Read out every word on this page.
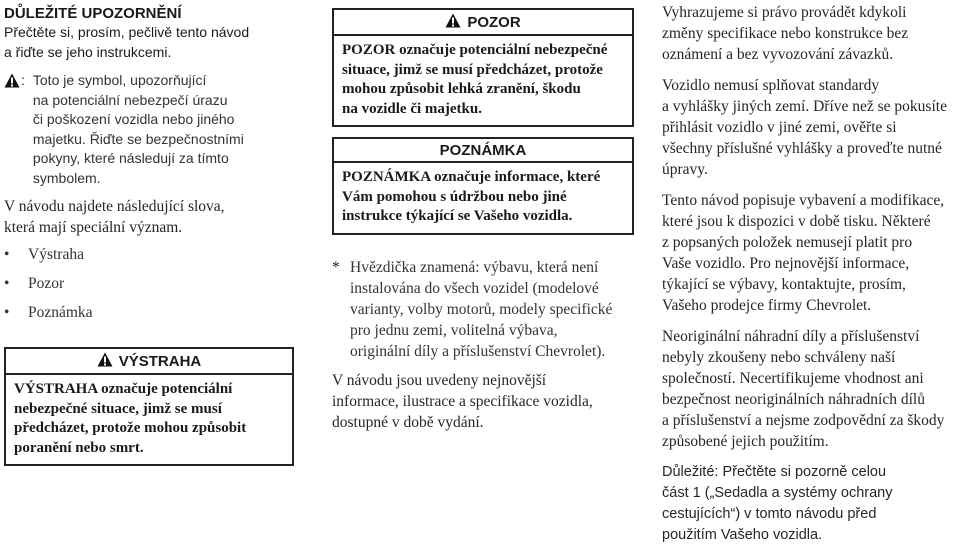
DŮLEŽITÉ UPOZORNĚNÍ
Přečtěte si, prosím, pečlivě tento návod
a řiďte se jeho instrukcemi.
: Toto je symbol, upozorňující
na potenciální nebezpečí úrazu
či poškození vozidla nebo jiného
majetku. Řiďte se bezpečnostními
pokyny, které následují za tímto
symbolem.
V návodu najdete následující slova,
která mají speciální význam.
•	Výstraha
•	Pozor
•	Poznámka
VÝSTRAHA
VÝSTRAHA označuje potenciální
nebezpečné situace, jimž se musí
předcházet, protože mohou způsobit
poranění nebo smrt.
POZOR
POZOR označuje potenciální nebezpečné
situace, jimž se musí předcházet, protože
mohou způsobit lehká zranění, škodu
na vozidle či majetku.
POZNÁMKA
POZNÁMKA označuje informace, které
Vám pomohou s údržbou nebo jiné
instrukce týkající se Vašeho vozidla.
* Hvězdička znamená: výbavu, která není
instalována do všech vozidel (modelové
varianty, volby motorů, modely specifické
pro jednu zemi, volitelná výbava,
originální díly a příslušenství Chevrolet).
V návodu jsou uvedeny nejnovější
informace, ilustrace a specifikace vozidla,
dostupné v době vydání.
Vyhrazujeme si právo provádět kdykoli
změny specifikace nebo konstrukce bez
oznámení a bez vyvozování závazků.
Vozidlo nemusí splňovat standardy
a vyhlášky jiných zemí. Dříve než se pokusíte
přihlásit vozidlo v jiné zemi, ověřte si
všechny příslušné vyhlášky a proveďte nutné
úpravy.
Tento návod popisuje vybavení a modifikace,
které jsou k dispozici v době tisku. Některé
z popsaných položek nemusejí platit pro
Vaše vozidlo. Pro nejnovější informace,
týkající se výbavy, kontaktujte, prosím,
Vašeho prodejce firmy Chevrolet.
Neoriginální náhradní díly a příslušenství
nebyly zkoušeny nebo schváleny naší
společností. Necertifikujeme vhodnost ani
bezpečnost neoriginálních náhradních dílů
a příslušenství a nejsme zodpovědní za škody
způsobené jejich použitím.
Důležité: Přečtěte si pozorně celou
část 1 („Sedadla a systémy ochrany
cestujících“) v tomto návodu před
použitím Vašeho vozidla.
